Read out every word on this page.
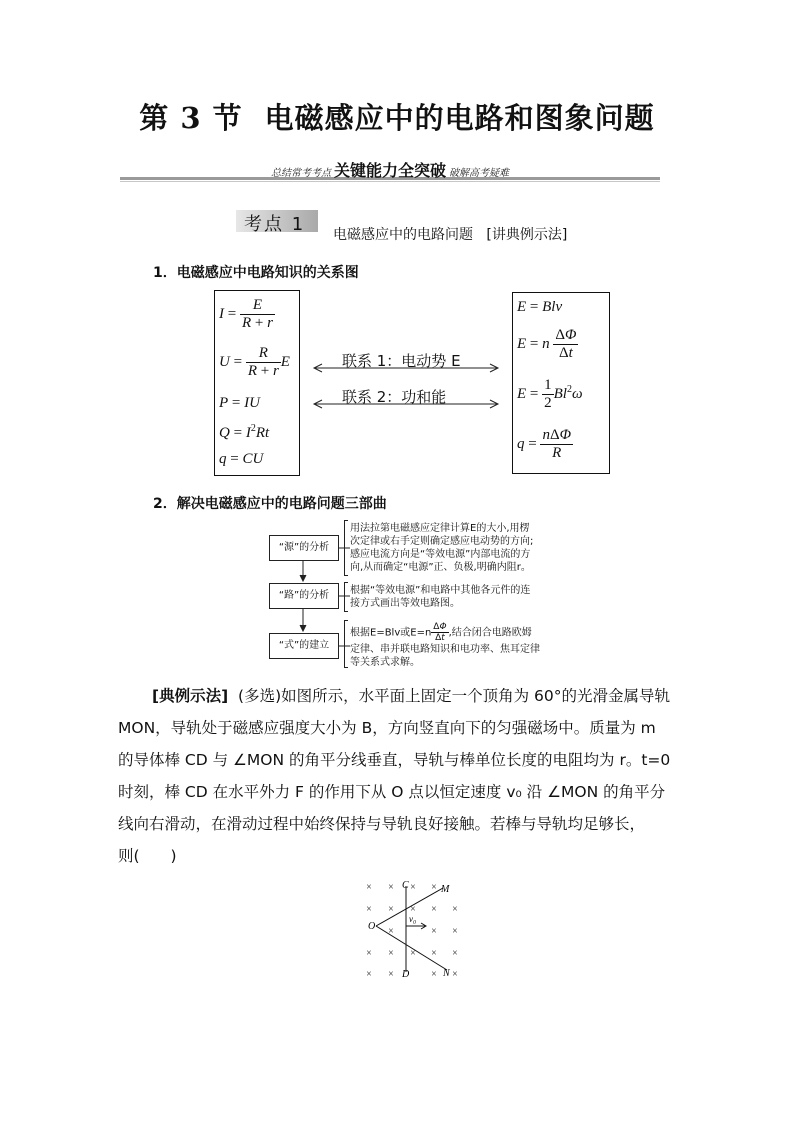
第 3 节 电磁感应中的电路和图象问题
总结常考考点 关键能力全突破 破解高考疑难
考点 1 电磁感应中的电路问题 [讲典例示法]
1．电磁感应中电路知识的关系图
$I = \frac{E}{R + r}$
$U = \frac{R}{R + r}$ E
P = IU
$Q = I^2Rt$
q = CU
联系 1：电动势 E
联系 2：功和能
E = Blv
E = n $\frac{\Delta\Phi}{\Delta t}$
$E = \frac{1}{2} Bl^2\omega$
$q = \frac{\text{nΔΦ}}{R}$
2．解决电磁感应中的电路问题三部曲
“源”的分析
“路”的分析
“式”的建立
用法拉第电磁感应定律计算E的大小,用楞
次定律或右手定则确定感应电动势的方向;
感应电流方向是“等效电源”内部电流的方
向,从而确定“电源”正、负极,明确内阻r。
根据“等效电源”和电路中其他各元件的连
接方式画出等效电路图。
根据E=Blv或$E=n \frac{\Delta\Phi}{\Delta t}$ ,结合闭合电路欧姆
定律、串并联电路知识和电功率、焦耳定律
等关系式求解。

[典例示法] (多选)如图所示，水平面上固定一个顶角为 60°的光滑金属导轨

MON，导轨处于磁感应强度大小为 B，方向竖直向下的匀强磁场中。质量为 m

的导体棒 CD 与 ∠MON 的角平分线垂直，导轨与棒单位长度的电阻均为 r。t=0

时刻，棒 CD 在水平外力 F 的作用下从 O 点以恒定速度 v₀ 沿 ∠MON 的角平分

线向右滑动，在滑动过程中始终保持与导轨良好接触。若棒与导轨均足够长，

则(　　)

× ×	×
× × × × ×
×	× ×
× × × × ×
× ×	× ×
×
C
D
O
M
N
v₀
